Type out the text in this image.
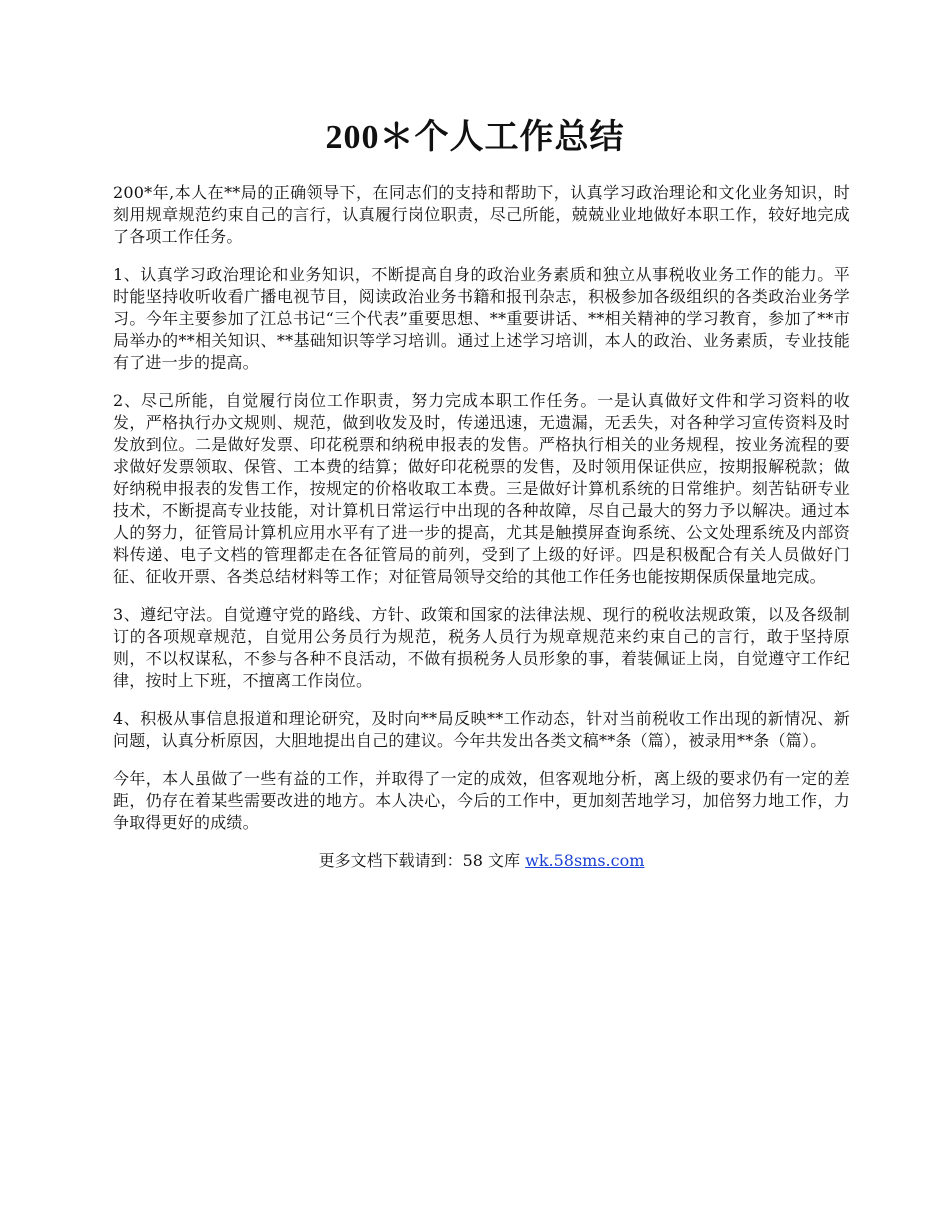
200＊个人工作总结

200*年,本人在**局的正确领导下，在同志们的支持和帮助下，认真学习政治理论和文化业务知识，时刻用规章规范约束自己的言行，认真履行岗位职责，尽己所能，兢兢业业地做好本职工作，较好地完成了各项工作任务。

1、认真学习政治理论和业务知识，不断提高自身的政治业务素质和独立从事税收业务工作的能力。平时能坚持收听收看广播电视节目，阅读政治业务书籍和报刊杂志，积极参加各级组织的各类政治业务学习。今年主要参加了江总书记“三个代表”重要思想、**重要讲话、**相关精神的学习教育，参加了**市局举办的**相关知识、**基础知识等学习培训。通过上述学习培训，本人的政治、业务素质，专业技能有了进一步的提高。

2、尽己所能，自觉履行岗位工作职责，努力完成本职工作任务。一是认真做好文件和学习资料的收发，严格执行办文规则、规范，做到收发及时，传递迅速，无遗漏，无丢失，对各种学习宣传资料及时发放到位。二是做好发票、印花税票和纳税申报表的发售。严格执行相关的业务规程，按业务流程的要求做好发票领取、保管、工本费的结算；做好印花税票的发售，及时领用保证供应，按期报解税款；做好纳税申报表的发售工作，按规定的价格收取工本费。三是做好计算机系统的日常维护。刻苦钻研专业技术，不断提高专业技能，对计算机日常运行中出现的各种故障，尽自己最大的努力予以解决。通过本人的努力，征管局计算机应用水平有了进一步的提高，尤其是触摸屏查询系统、公文处理系统及内部资料传递、电子文档的管理都走在各征管局的前列，受到了上级的好评。四是积极配合有关人员做好门征、征收开票、各类总结材料等工作；对征管局领导交给的其他工作任务也能按期保质保量地完成。

3、遵纪守法。自觉遵守党的路线、方针、政策和国家的法律法规、现行的税收法规政策，以及各级制订的各项规章规范，自觉用公务员行为规范，税务人员行为规章规范来约束自己的言行，敢于坚持原则，不以权谋私，不参与各种不良活动，不做有损税务人员形象的事，着装佩证上岗，自觉遵守工作纪律，按时上下班，不擅离工作岗位。

4、积极从事信息报道和理论研究，及时向**局反映**工作动态，针对当前税收工作出现的新情况、新问题，认真分析原因，大胆地提出自己的建议。今年共发出各类文稿**条（篇），被录用**条（篇）。

今年，本人虽做了一些有益的工作，并取得了一定的成效，但客观地分析，离上级的要求仍有一定的差距，仍存在着某些需要改进的地方。本人决心，今后的工作中，更加刻苦地学习，加倍努力地工作，力争取得更好的成绩。

更多文档下载请到：58 文库 wk.58sms.com
